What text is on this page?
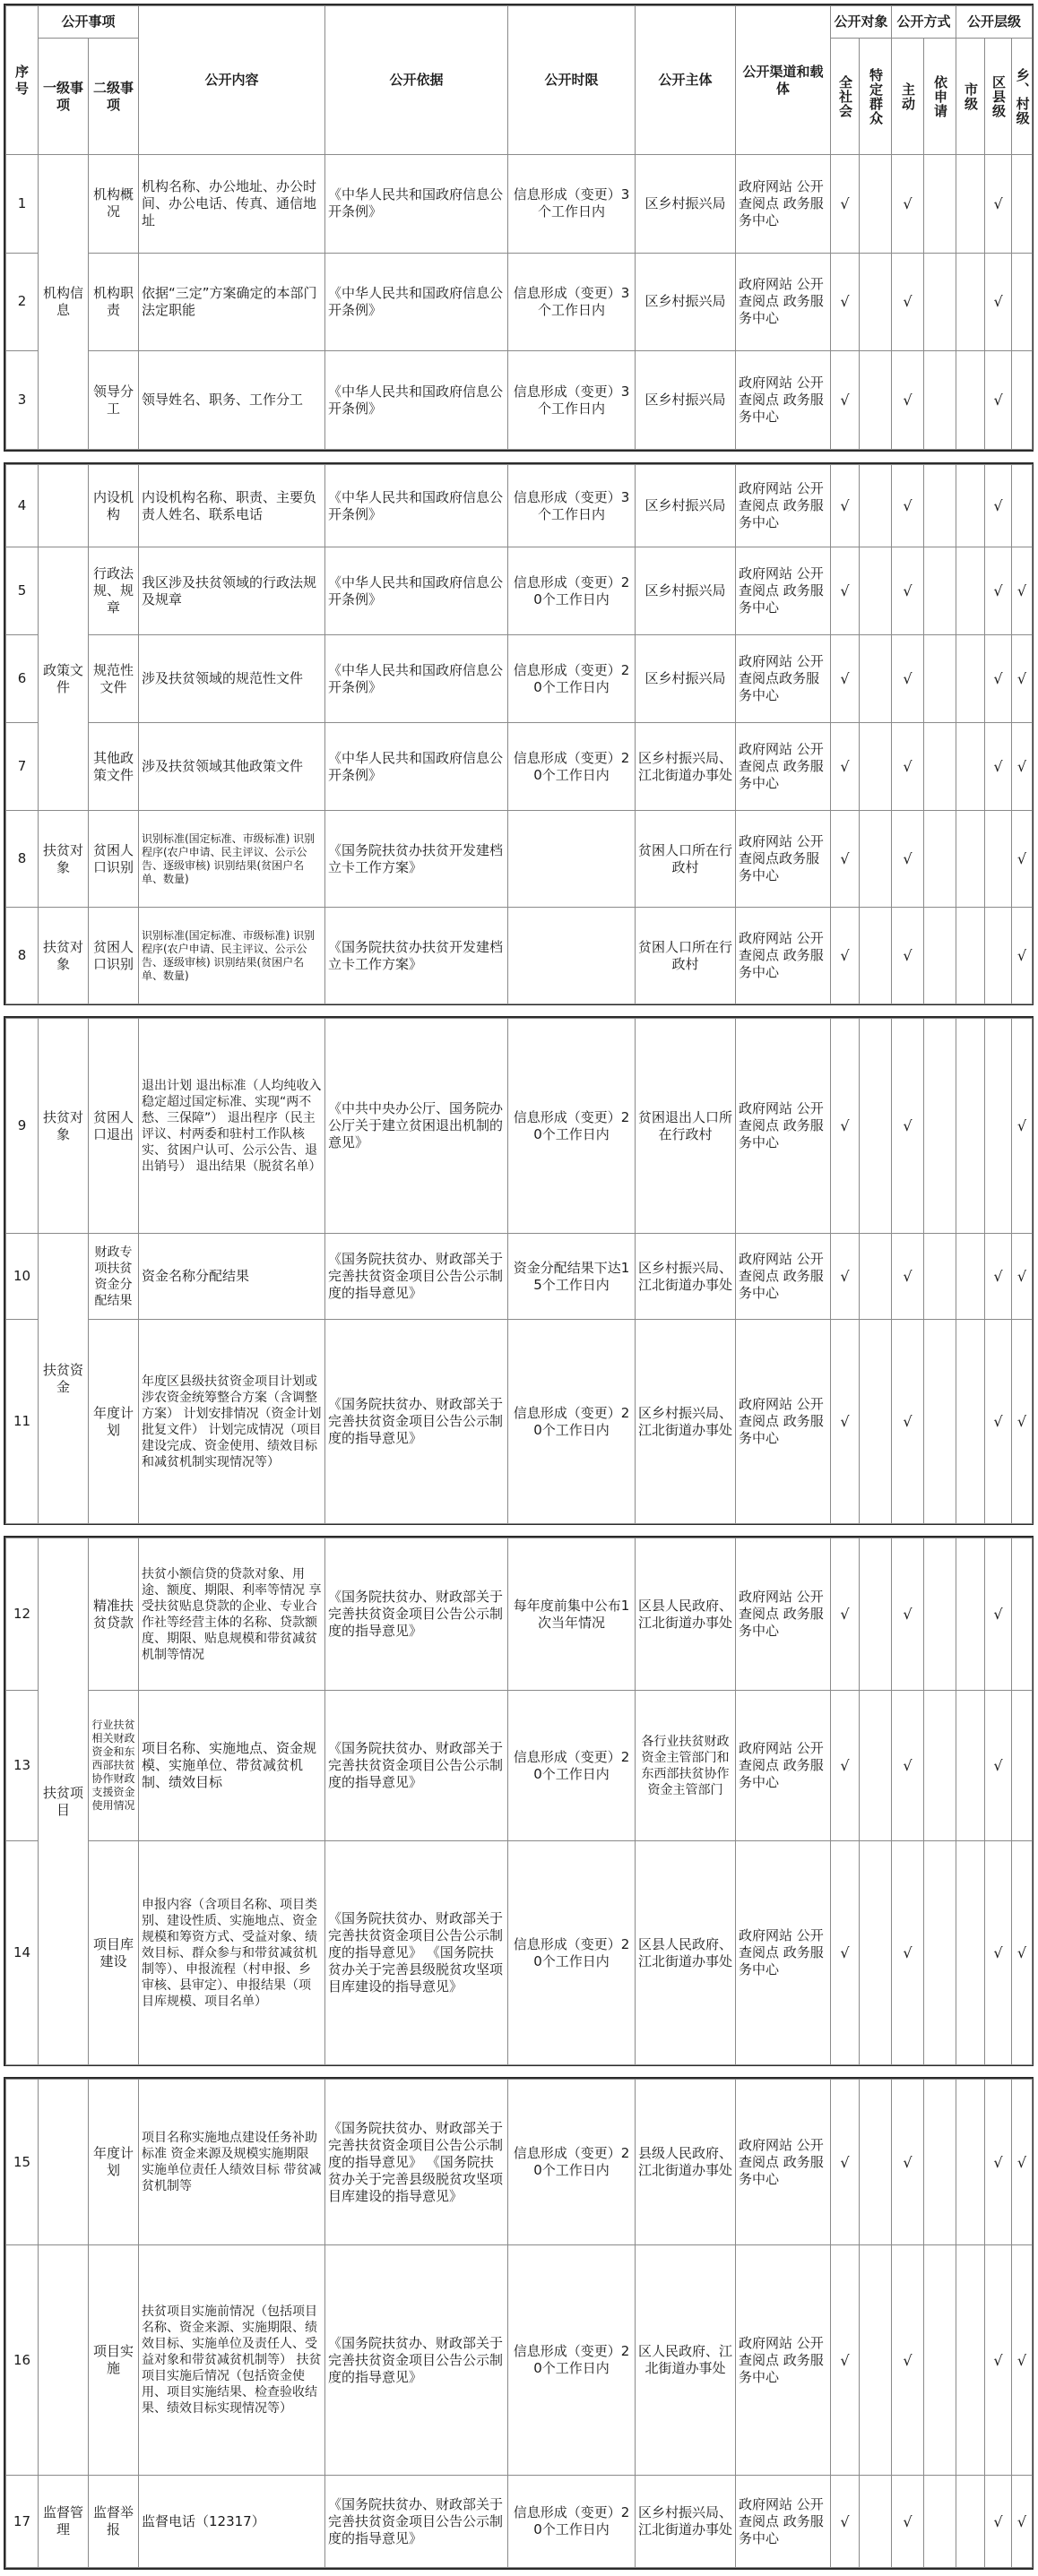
序号	公开事项		公开内容	公开依据	公开时限	公开主体	公开渠道和载体	公开对象		公开方式		公开层级		
	一级事项	二级事项						全社会	特定群众	主动	依申请	市级	区县级	乡、村级
1	机构信息	机构概况	机构名称、办公地址、办公时间、办公电话、传真、通信地址	《中华人民共和国政府信息公开条例》	信息形成（变更）3个工作日内	区乡村振兴局	政府网站 公开查阅点 政务服务中心	√		√			√	
2		机构职责	依据“三定”方案确定的本部门法定职能	《中华人民共和国政府信息公开条例》	信息形成（变更）3个工作日内	区乡村振兴局	政府网站 公开查阅点 政务服务中心	√		√			√	
3		领导分工	领导姓名、职务、工作分工	《中华人民共和国政府信息公开条例》	信息形成（变更）3个工作日内	区乡村振兴局	政府网站 公开查阅点 政务服务中心	√		√			√	
4		内设机构	内设机构名称、职责、主要负责人姓名、联系电话	《中华人民共和国政府信息公开条例》	信息形成（变更）3个工作日内	区乡村振兴局	政府网站 公开查阅点 政务服务中心	√		√			√	
5	政策文件	行政法规、规章	我区涉及扶贫领域的行政法规及规章	《中华人民共和国政府信息公开条例》	信息形成（变更）20个工作日内	区乡村振兴局	政府网站 公开查阅点 政务服务中心	√		√			√	√
6		规范性文件	涉及扶贫领域的规范性文件	《中华人民共和国政府信息公开条例》	信息形成（变更）20个工作日内	区乡村振兴局	政府网站 公开查阅点政务服务中心	√		√			√	√
7		其他政策文件	涉及扶贫领域其他政策文件	《中华人民共和国政府信息公开条例》	信息形成（变更）20个工作日内	区乡村振兴局、江北街道办事处	政府网站 公开查阅点 政务服务中心	√		√			√	√
8	扶贫对象	贫困人口识别	识别标准(国定标准、市级标准) 识别程序(农户申请、民主评议、公示公告、逐级审核) 识别结果(贫困户名单、数量)	《国务院扶贫办扶贫开发建档立卡工作方案》		贫困人口所在行政村	政府网站 公开查阅点政务服务中心	√		√				√
8	扶贫对象	贫困人口识别	识别标准(国定标准、市级标准) 识别程序(农户申请、民主评议、公示公告、逐级审核) 识别结果(贫困户名单、数量)	《国务院扶贫办扶贫开发建档立卡工作方案》		贫困人口所在行政村	政府网站 公开查阅点 政务服务中心	√		√				√
9	扶贫对象	贫困人口退出	退出计划 退出标准（人均纯收入稳定超过国定标准、实现“两不愁、三保障”） 退出程序（民主评议、村两委和驻村工作队核实、贫困户认可、公示公告、退出销号） 退出结果（脱贫名单）	《中共中央办公厅、国务院办公厅关于建立贫困退出机制的意见》	信息形成（变更）20个工作日内	贫困退出人口所在行政村	政府网站 公开查阅点 政务服务中心	√		√				√
10	扶贫资金	财政专项扶贫资金分配结果	资金名称分配结果	《国务院扶贫办、财政部关于完善扶贫资金项目公告公示制度的指导意见》	资金分配结果下达15个工作日内	区乡村振兴局、江北街道办事处	政府网站 公开查阅点 政务服务中心	√		√			√	√
11		年度计划	年度区县级扶贫资金项目计划或涉农资金统筹整合方案（含调整方案） 计划安排情况（资金计划批复文件） 计划完成情况（项目建设完成、资金使用、绩效目标和减贫机制实现情况等）	《国务院扶贫办、财政部关于完善扶贫资金项目公告公示制度的指导意见》	信息形成（变更）20个工作日内	区乡村振兴局、江北街道办事处	政府网站 公开查阅点 政务服务中心	√		√			√	√
12	扶贫项目	精准扶贫贷款	扶贫小额信贷的贷款对象、用途、额度、期限、利率等情况 享受扶贫贴息贷款的企业、专业合作社等经营主体的名称、贷款额度、期限、贴息规模和带贫减贫机制等情况	《国务院扶贫办、财政部关于完善扶贫资金项目公告公示制度的指导意见》	每年度前集中公布1次当年情况	区县人民政府、江北街道办事处	政府网站 公开查阅点 政务服务中心	√		√			√	
13		行业扶贫相关财政资金和东西部扶贫协作财政支援资金使用情况	项目名称、实施地点、资金规模、实施单位、带贫减贫机制、绩效目标	《国务院扶贫办、财政部关于完善扶贫资金项目公告公示制度的指导意见》	信息形成（变更）20个工作日内	各行业扶贫财政资金主管部门和东西部扶贫协作资金主管部门	政府网站 公开查阅点 政务服务中心	√		√			√	
14		项目库建设	申报内容（含项目名称、项目类别、建设性质、实施地点、资金规模和筹资方式、受益对象、绩效目标、群众参与和带贫减贫机制等）、申报流程（村申报、乡审核、县审定）、申报结果（项目库规模、项目名单）	《国务院扶贫办、财政部关于完善扶贫资金项目公告公示制度的指导意见》 《国务院扶贫办关于完善县级脱贫攻坚项目库建设的指导意见》	信息形成（变更）20个工作日内	区县人民政府、江北街道办事处	政府网站 公开查阅点 政务服务中心	√		√			√	√
15		年度计划	项目名称实施地点建设任务补助标准 资金来源及规模实施期限 实施单位责任人绩效目标 带贫减贫机制等	《国务院扶贫办、财政部关于完善扶贫资金项目公告公示制度的指导意见》 《国务院扶贫办关于完善县级脱贫攻坚项目库建设的指导意见》	信息形成（变更）20个工作日内	县级人民政府、江北街道办事处	政府网站 公开查阅点 政务服务中心	√		√			√	√
16		项目实施	扶贫项目实施前情况（包括项目名称、资金来源、实施期限、绩效目标、实施单位及责任人、受益对象和带贫减贫机制等） 扶贫项目实施后情况（包括资金使用、项目实施结果、检查验收结果、绩效目标实现情况等）	《国务院扶贫办、财政部关于完善扶贫资金项目公告公示制度的指导意见》	信息形成（变更）20个工作日内	区人民政府、江北街道办事处	政府网站 公开查阅点 政务服务中心	√		√			√	√
17	监督管理	监督举报	监督电话（12317）	《国务院扶贫办、财政部关于完善扶贫资金项目公告公示制度的指导意见》	信息形成（变更）20个工作日内	区乡村振兴局、江北街道办事处	政府网站 公开查阅点 政务服务中心	√		√			√	√
